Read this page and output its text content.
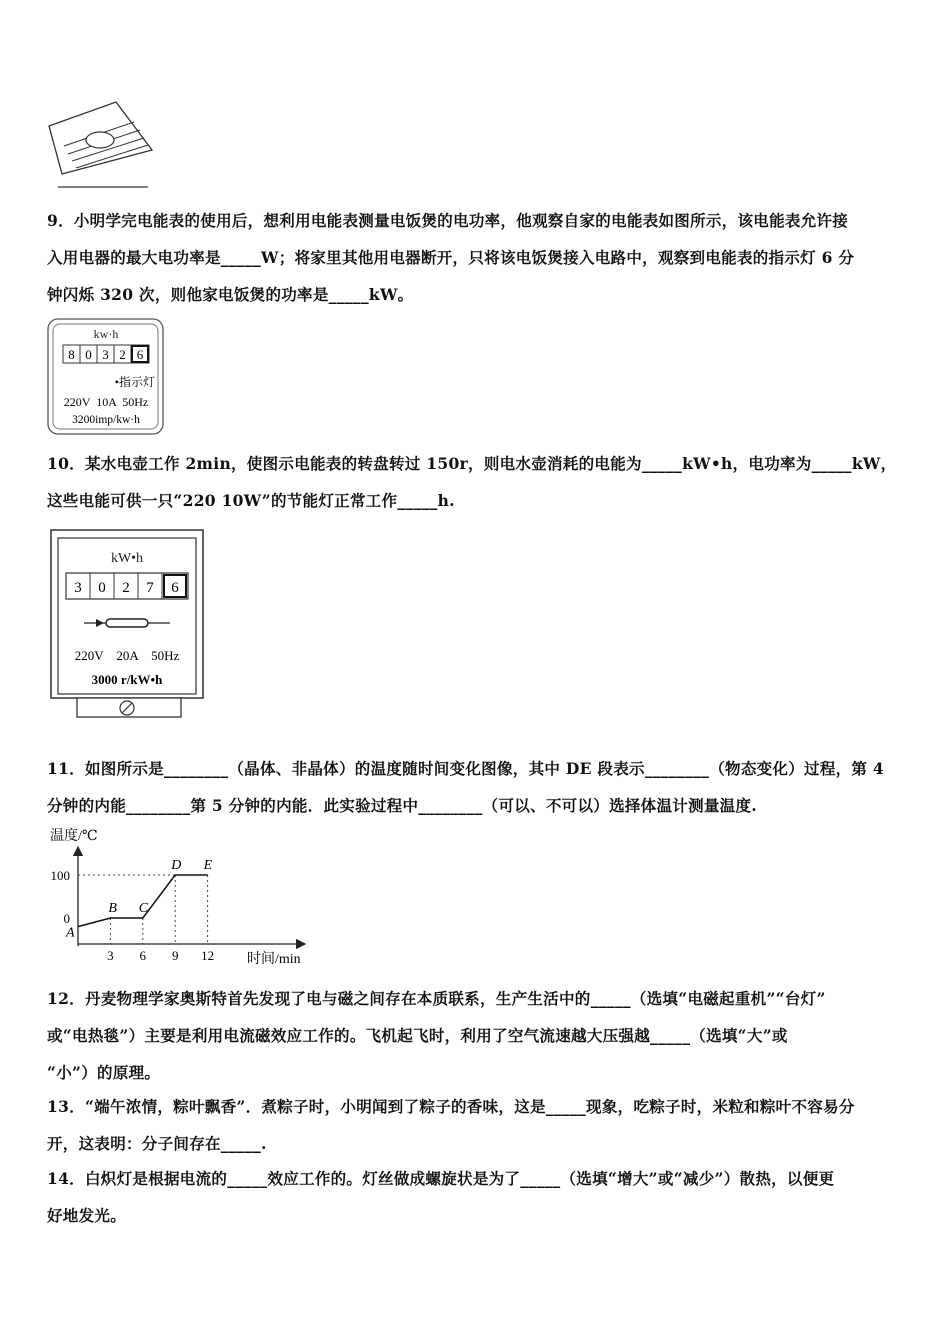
9．小明学完电能表的使用后，想利用电能表测量电饭煲的电功率，他观察自家的电能表如图所示，该电能表允许接

入用电器的最大电功率是_____W；将家里其他用电器断开，只将该电饭煲接入电路中，观察到电能表的指示灯 6 分

钟闪烁 320 次，则他家电饭煲的功率是_____kW。

kw·h
8 0 3 2 6
•指示灯
220V  10A  50Hz
3200imp/kw·h

10．某水电壶工作 2min，使图示电能表的转盘转过 150r，则电水壶消耗的电能为_____kW•h，电功率为_____kW，

这些电能可供一只“220 10W”的节能灯正常工作_____h.

kW•h
3 0 2 7 6
220V    20A    50Hz
3000 r/kW•h

11．如图所示是________（晶体、非晶体）的温度随时间变化图像，其中 DE 段表示________（物态变化）过程，第 4

分钟的内能________第 5 分钟的内能．此实验过程中________（可以、不可以）选择体温计测量温度.

温度/℃
时间/min
100
0
3 6 9 12
A
B C
D E

12．丹麦物理学家奥斯特首先发现了电与磁之间存在本质联系，生产生活中的_____（选填“电磁起重机”“台灯”

或“电热毯”）主要是利用电流磁效应工作的。飞机起飞时，利用了空气流速越大压强越_____（选填“大”或

“小”）的原理。

13．“端午浓情，粽叶飘香”．煮粽子时，小明闻到了粽子的香味，这是_____现象，吃粽子时，米粒和粽叶不容易分

开，这表明：分子间存在_____.

14．白炽灯是根据电流的_____效应工作的。灯丝做成螺旋状是为了_____（选填“增大”或“减少”）散热，以便更

好地发光。
